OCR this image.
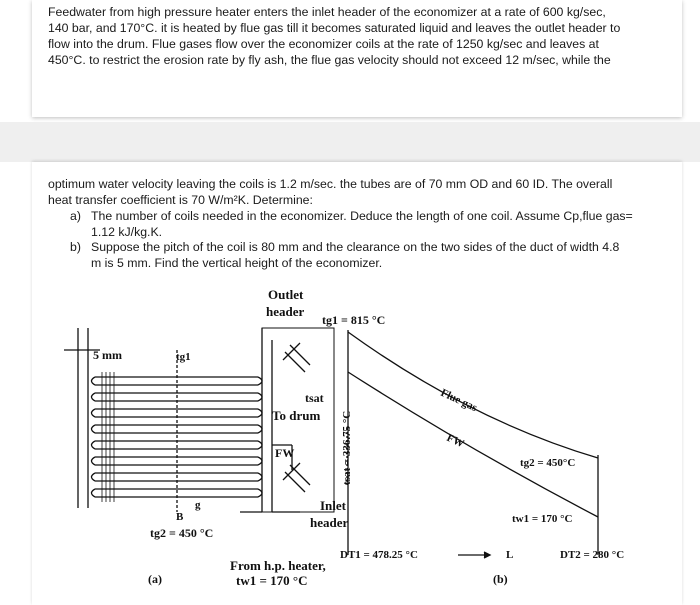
Feedwater from high pressure heater enters the inlet header of the economizer at a rate of 600 kg/sec,
140 bar, and 170°C. it is heated by flue gas till it becomes saturated liquid and leaves the outlet header to
flow into the drum. Flue gases flow over the economizer coils at the rate of 1250 kg/sec and leaves at
450°C. to restrict the erosion rate by fly ash, the flue gas velocity should not exceed 12 m/sec, while the
optimum water velocity leaving the coils is 1.2 m/sec. the tubes are of 70 mm OD and 60 ID. The overall
heat transfer coefficient is 70 W/m²K. Determine:
a) The number of coils needed in the economizer. Deduce the length of one coil. Assume Cp,flue gas=
1.12 kJ/kg.K.
b) Suppose the pitch of the coil is 80 mm and the clearance on the two sides of the duct of width 4.8
m is 5 mm. Find the vertical height of the economizer.
Outlet
header
5 mm	tg1
g
B
tg2 = 450 °C
Inlet
header
From h.p. heater,
tw1 = 170 °C
(a)
tg1 = 815 °C
tsat
To drum
FW	tsat = 336.75 °C
Flue gas
FW
tg2 = 450°C
tw1 = 170 °C
DT1 = 478.25 °C	L	DT2 = 280 °C
(b)
